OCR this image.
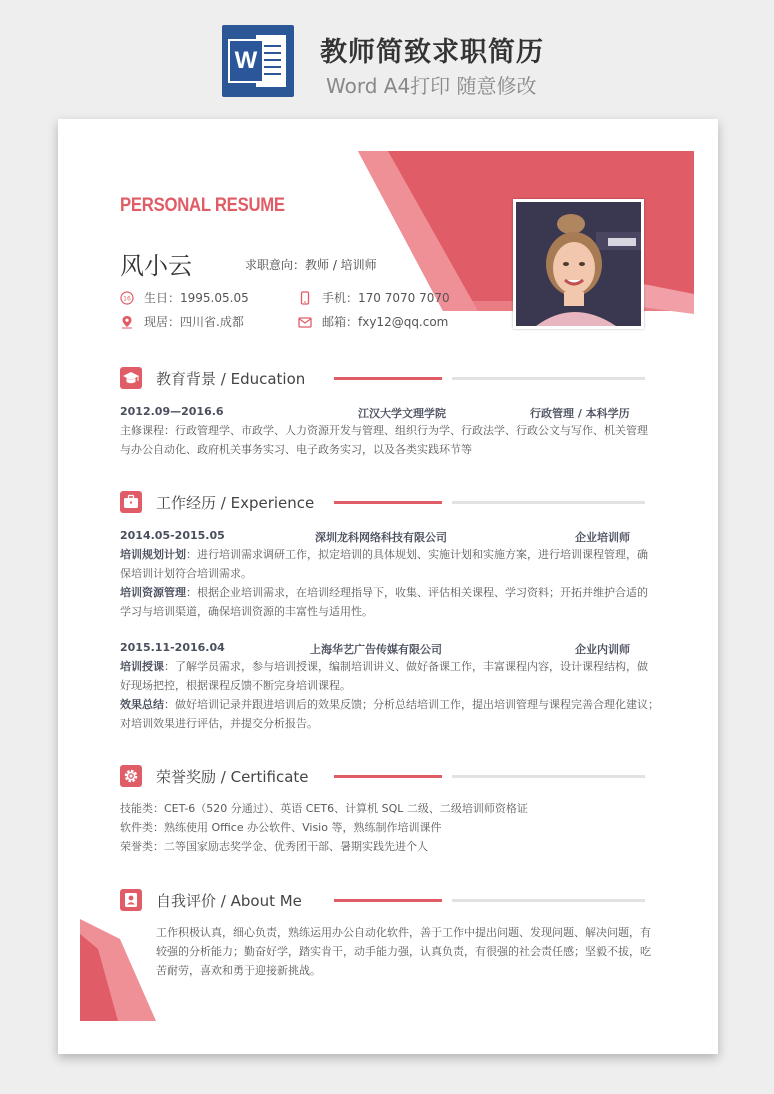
W 教师简致求职简历
Word A4打印 随意修改
PERSONAL RESUME
风小云	求职意向：教师 / 培训师
16 生日：1995.05.05	手机：170 7070 7070
现居：四川省.成都	邮箱：fxy12@qq.com
教育背景 / Education
2012.09—2016.6	江汉大学文理学院	行政管理 / 本科学历
主修课程：行政管理学、市政学、人力资源开发与管理、组织行为学、行政法学、行政公文与写作、机关管理
与办公自动化、政府机关事务实习、电子政务实习，以及各类实践环节等
工作经历 / Experience
2014.05-2015.05	深圳龙科网络科技有限公司	企业培训师
培训规划计划：进行培训需求调研工作，拟定培训的具体规划、实施计划和实施方案，进行培训课程管理，确
保培训计划符合培训需求。
培训资源管理：根据企业培训需求，在培训经理指导下，收集、评估相关课程、学习资料；开拓并维护合适的
学习与培训渠道，确保培训资源的丰富性与适用性。
2015.11-2016.04	上海华艺广告传媒有限公司	企业内训师
培训授课：了解学员需求，参与培训授课，编制培训讲义、做好备课工作，丰富课程内容，设计课程结构，做
好现场把控，根据课程反馈不断完身培训课程。
效果总结：做好培训记录并跟进培训后的效果反馈；分析总结培训工作，提出培训管理与课程完善合理化建议；
对培训效果进行评估，并提交分析报告。
荣誉奖励 / Certificate
技能类：CET-6（520 分通过）、英语 CET6、计算机 SQL 二级、二级培训师资格证
软件类：熟练使用 Office 办公软件、Visio 等，熟练制作培训课件
荣誉类：二等国家励志奖学金、优秀团干部、暑期实践先进个人
自我评价 / About Me
工作积极认真，细心负责，熟练运用办公自动化软件，善于工作中提出问题、发现问题、解决问题，有
较强的分析能力；勤奋好学，踏实肯干，动手能力强，认真负责，有很强的社会责任感；坚毅不拔，吃
苦耐劳，喜欢和勇于迎接新挑战。
